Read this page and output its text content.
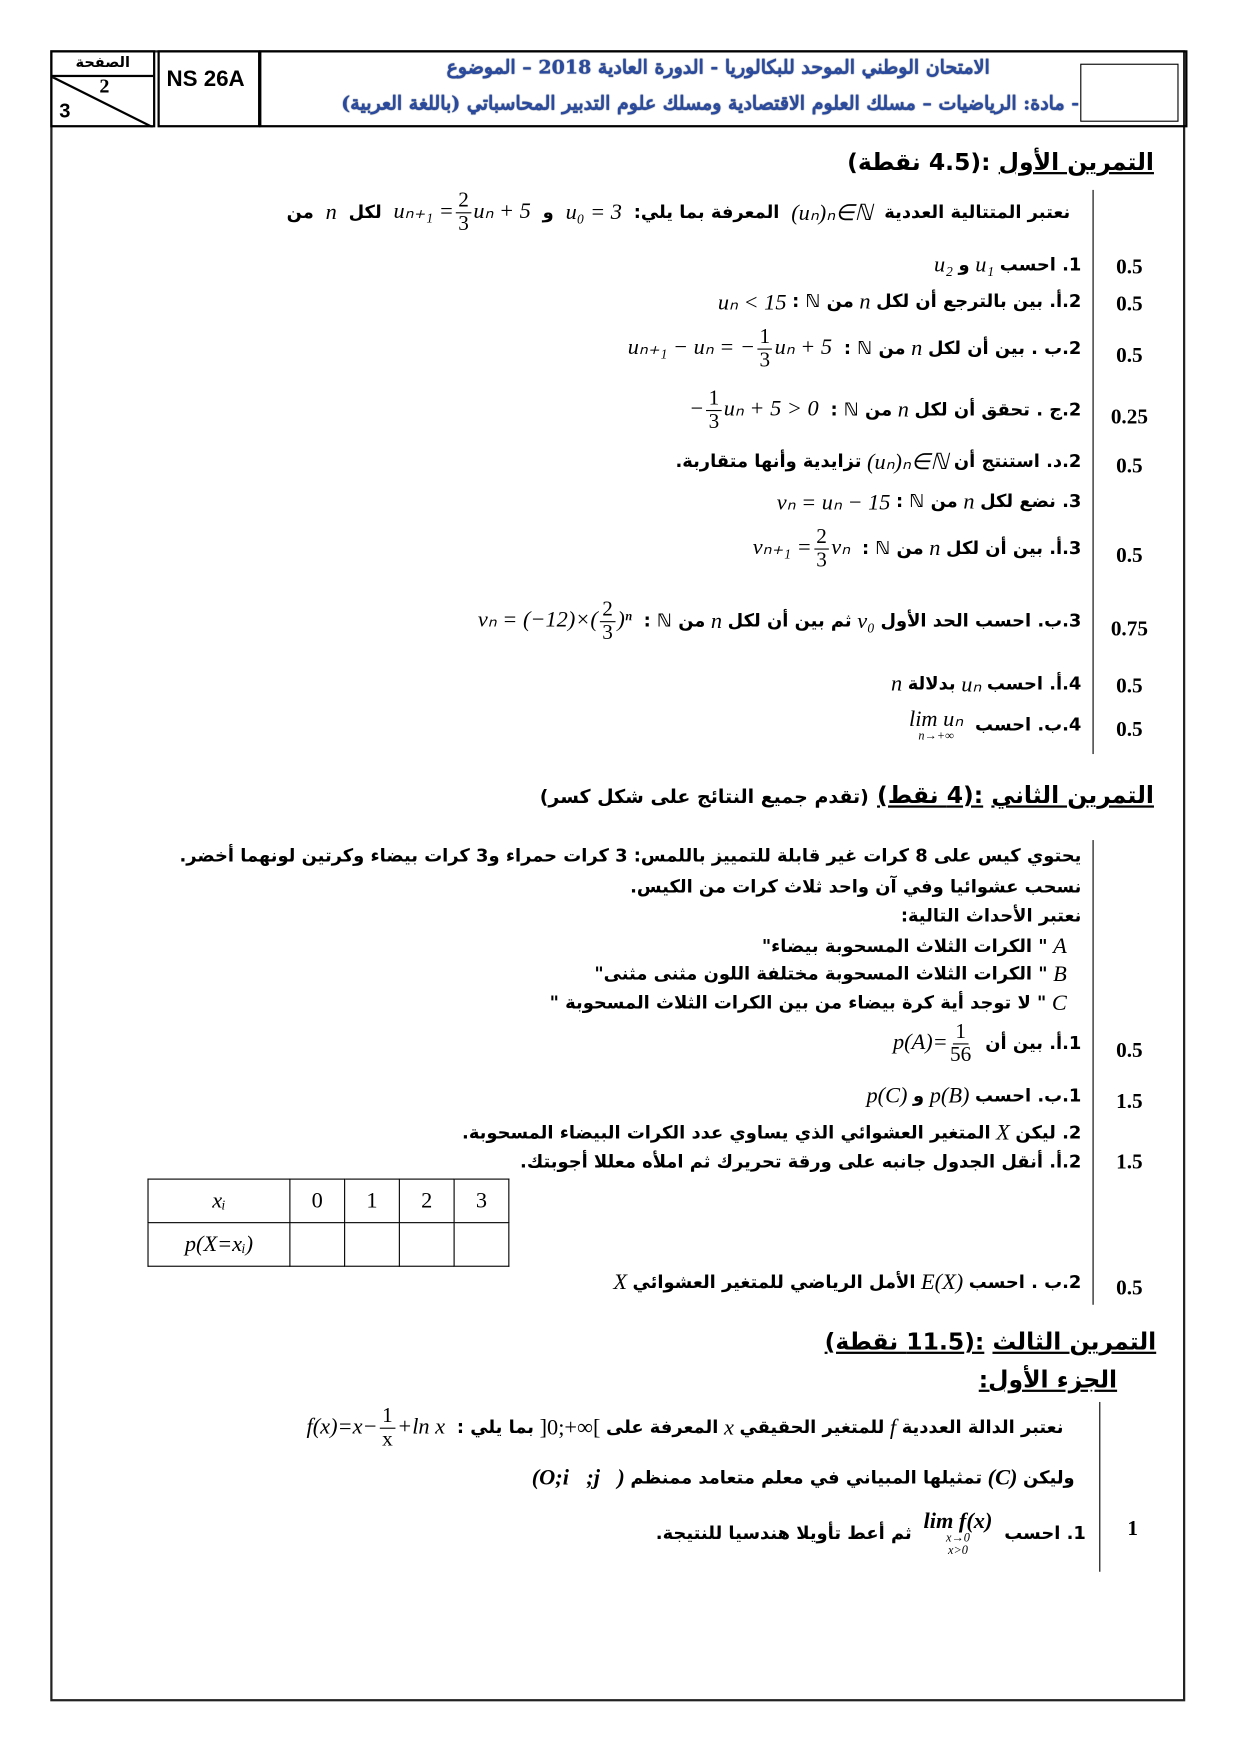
الصفحة
2
3
NS 26A	الامتحان الوطني الموحد للبكالوريا - الدورة العادية 2018 – الموضوع
- مادة: الرياضيات – مسلك العلوم الاقتصادية ومسلك علوم التدبير المحاسباتي (باللغة العربية)
التمرين الأول :(4.5 نقطة)
نعتبر المتتالية العددية (uₙ)ₙ∈ℕ المعرفة بما يلي: u₀ = 3 و $u_{n+1} = \frac{2}{3}$ uₙ + 5 لكل n من
0.5
1. احسبu₁وu₂
0.5
2.أ. بين بالترجع أن لكلnمن ℕ :uₙ < 15
0.5
2.ب . بين أن لكلnمن ℕ : uₙ₊₁ − uₙ = − $\frac{1}{3}$ uₙ + 5
0.25
2.ج . تحقق أن لكلnمن ℕ : − $\frac{1}{3}$ uₙ + 5 > 0
0.5
2.د. استنتج أن(uₙ)ₙ∈ℕتزايدية وأنها متقاربة.
3. نضع لكلnمن ℕ :vₙ = uₙ − 15
0.5
3.أ. بين أن لكلnمن ℕ : $v_{n+1} = \frac{2}{3}$ vₙ
0.75
3.ب. احسب الحد الأولv₀ثم بين أن لكلnمن ℕ : $v_n = (-12)\times( \frac{2}{3} )^n$
0.5
4.أ. احسبuₙبدلالةn
0.5
4.ب. احسب
lim uₙ
n→+∞
التمرين الثاني :(4 نقط) (تقدم جميع النتائج على شكل كسر)
يحتوي كيس على 8 كرات غير قابلة للتمييز باللمس: 3 كرات حمراء و3 كرات بيضاء وكرتين لونهما أخضر.
نسحب عشوائيا وفي آن واحد ثلاث كرات من الكيس.
نعتبر الأحداث التالية:
A" الكرات الثلاث المسحوبة بيضاء"
B" الكرات الثلاث المسحوبة مختلفة اللون مثنى مثنى"
C" لا توجد أية كرة بيضاء من بين الكرات الثلاث المسحوبة "
0.5
1.أ. بين أن $p(A)= \frac{1}{56}$
1.5
1.ب. احسبp(B)وp(C)
2. ليكنXالمتغير العشوائي الذي يساوي عدد الكرات البيضاء المسحوبة.
1.5
2.أ. أنقل الجدول جانبه على ورقة تحريرك ثم املأه معللا أجوبتك.
xᵢ	0	1	2	3
p(X=xᵢ)				
0.5
2.ب . احسبE(X)الأمل الرياضي للمتغير العشوائيX
التمرين الثالث :(11.5 نقطة)
الجزء الأول:
نعتبر الدالة العدديةfللمتغير الحقيقيxالمعرفة على]0;+∞[بما يلي : $f(x)=x- \frac{1}{x} +\ln$ x
وليكن(C)تمثيلها المبياني في معلم متعامد ممنظم(O;i⃗;j⃗)
1
1. احسب
lim f(x)
x→0
x>0
ثم أعط تأويلا هندسيا للنتيجة.
